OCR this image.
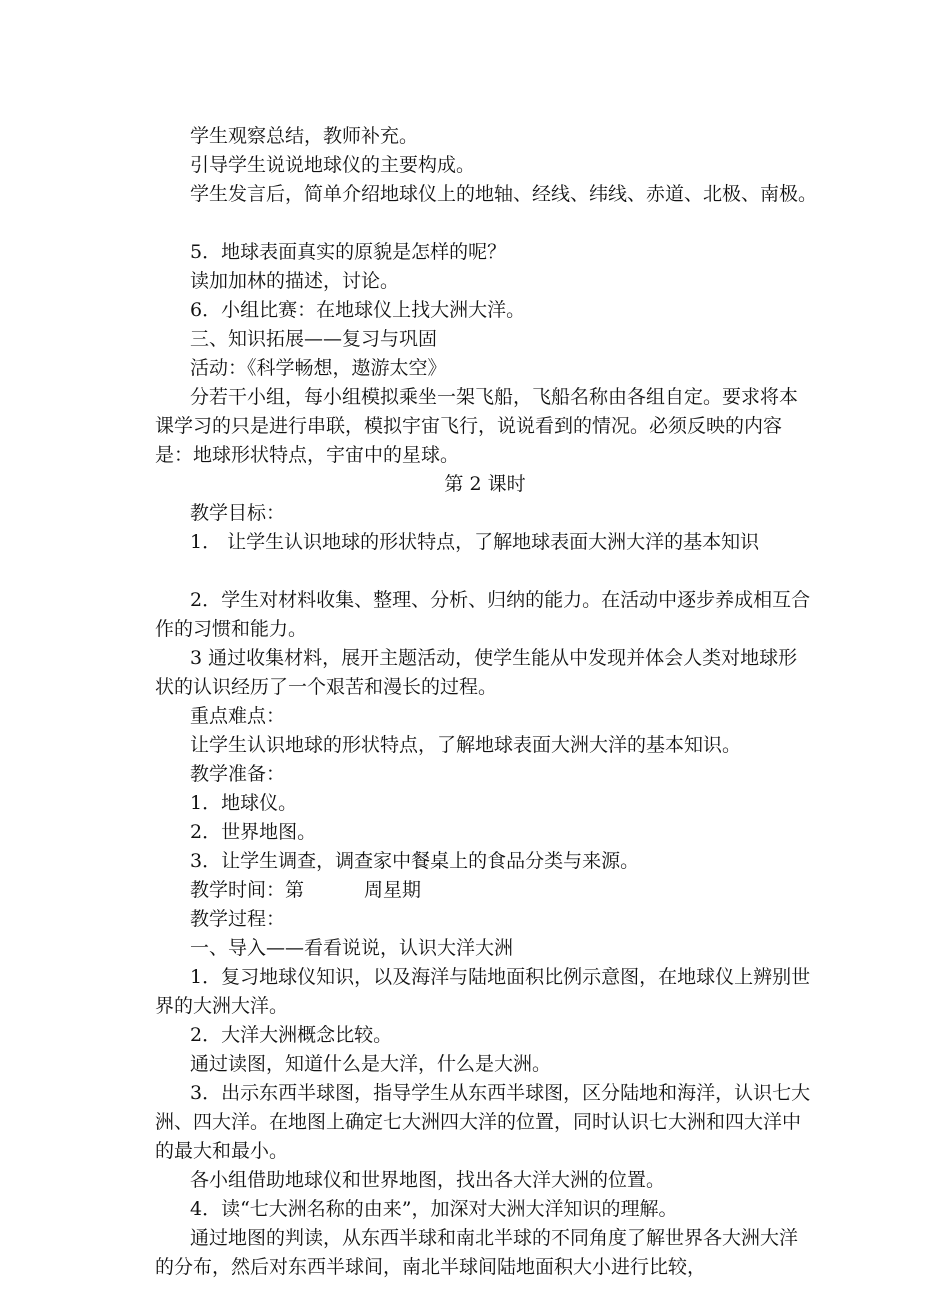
学生观察总结，教师补充。
引导学生说说地球仪的主要构成。
学生发言后，简单介绍地球仪上的地轴、经线、纬线、赤道、北极、南极。
5．地球表面真实的原貌是怎样的呢？
读加加林的描述，讨论。
6．小组比赛：在地球仪上找大洲大洋。
三、知识拓展——复习与巩固
活动：《科学畅想，遨游太空》
分若干小组，每小组模拟乘坐一架飞船，飞船名称由各组自定。要求将本课学习的只是进行串联，模拟宇宙飞行，说说看到的情况。必须反映的内容是：地球形状特点，宇宙中的星球。
第 2 课时
教学目标：
1． 让学生认识地球的形状特点，了解地球表面大洲大洋的基本知识
2．学生对材料收集、整理、分析、归纳的能力。在活动中逐步养成相互合作的习惯和能力。
3 通过收集材料，展开主题活动，使学生能从中发现并体会人类对地球形状的认识经历了一个艰苦和漫长的过程。
重点难点：
让学生认识地球的形状特点，了解地球表面大洲大洋的基本知识。
教学准备：
1．地球仪。
2．世界地图。
3．让学生调查，调查家中餐桌上的食品分类与来源。
教学时间：第	周星期
教学过程：
一、导入——看看说说，认识大洋大洲
1．复习地球仪知识，以及海洋与陆地面积比例示意图，在地球仪上辨别世界的大洲大洋。
2．大洋大洲概念比较。
通过读图，知道什么是大洋，什么是大洲。
3．出示东西半球图，指导学生从东西半球图，区分陆地和海洋，认识七大洲、四大洋。在地图上确定七大洲四大洋的位置，同时认识七大洲和四大洋中的最大和最小。
各小组借助地球仪和世界地图，找出各大洋大洲的位置。
4．读“七大洲名称的由来”，加深对大洲大洋知识的理解。
通过地图的判读，从东西半球和南北半球的不同角度了解世界各大洲大洋的分布，然后对东西半球间，南北半球间陆地面积大小进行比较，
